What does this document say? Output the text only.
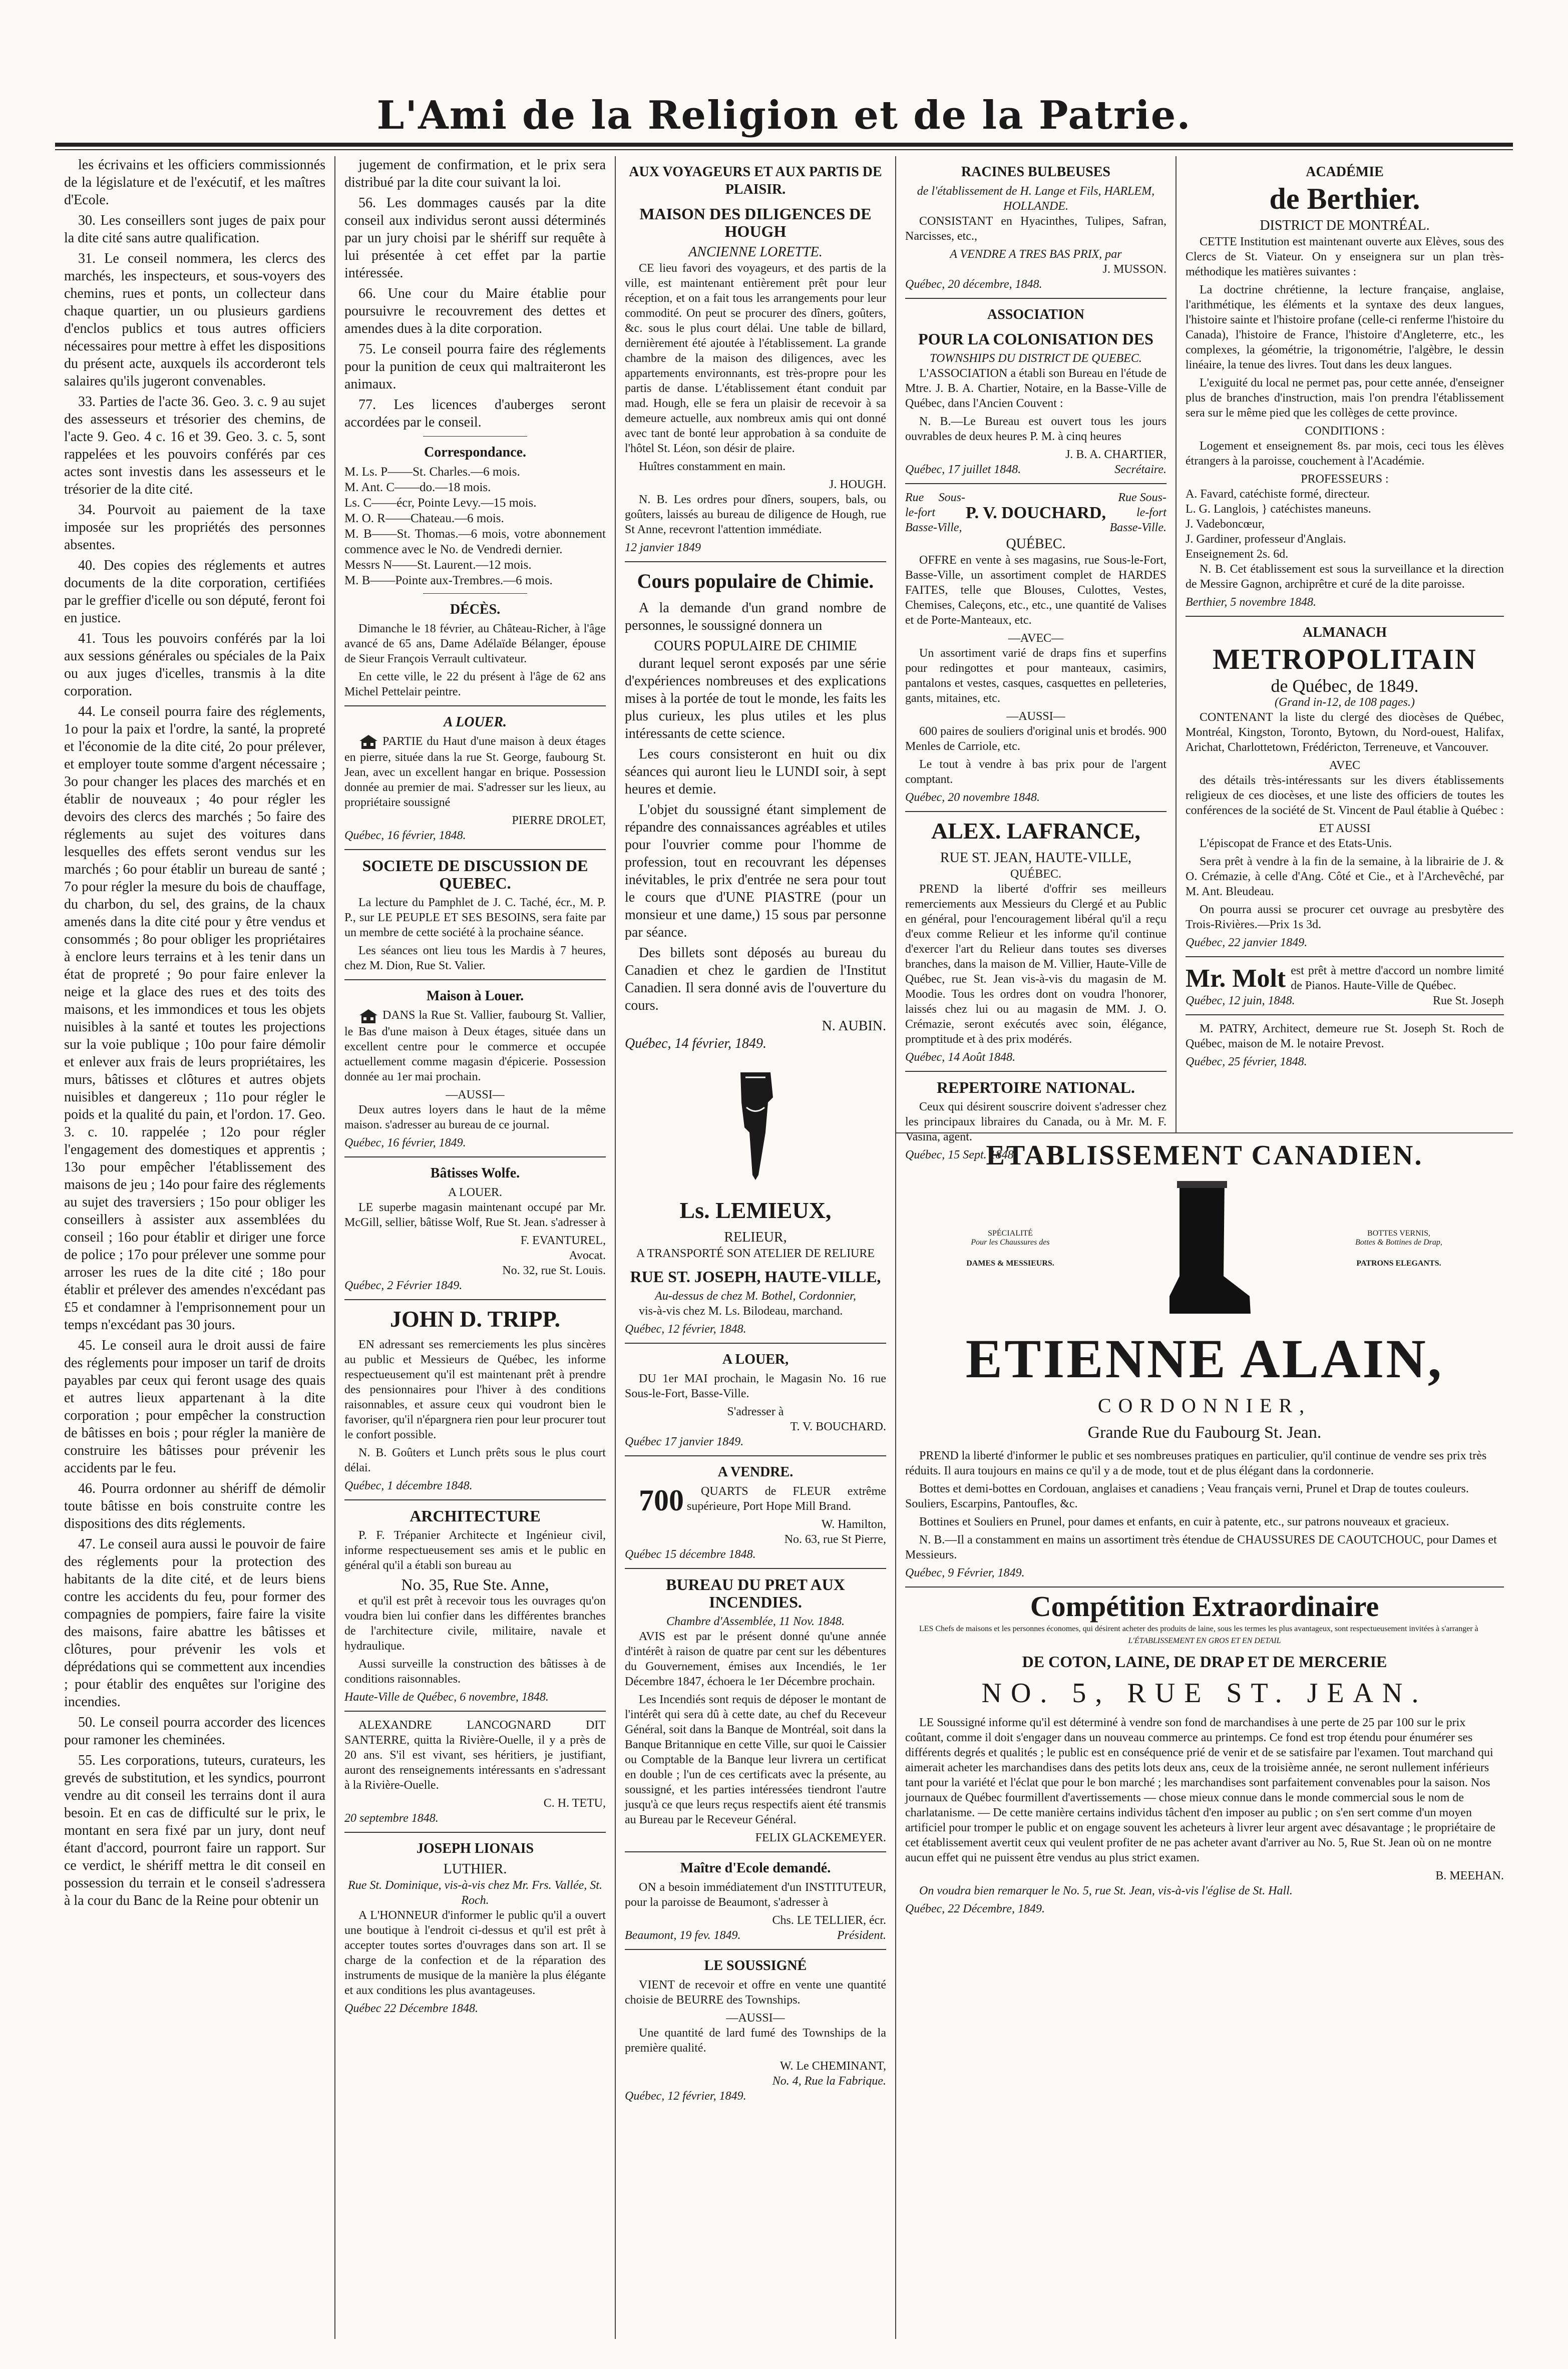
L'Ami de la Religion et de la Patrie.

les écrivains et les officiers commissionnés de la législature et de l'exécutif, et les maîtres d'Ecole.

30. Les conseillers sont juges de paix pour la dite cité sans autre qualification.

31. Le conseil nommera, les clercs des marchés, les inspecteurs, et sous-voyers des chemins, rues et ponts, un collecteur dans chaque quartier, un ou plusieurs gardiens d'enclos publics et tous autres officiers nécessaires pour mettre à effet les dispositions du présent acte, auxquels ils accorderont tels salaires qu'ils jugeront convenables.

33. Parties de l'acte 36. Geo. 3. c. 9 au sujet des assesseurs et trésorier des chemins, de l'acte 9. Geo. 4 c. 16 et 39. Geo. 3. c. 5, sont rappelées et les pouvoirs conférés par ces actes sont investis dans les assesseurs et le trésorier de la dite cité.

34. Pourvoit au paiement de la taxe imposée sur les propriétés des personnes absentes.

40. Des copies des réglements et autres documents de la dite corporation, certifiées par le greffier d'icelle ou son député, feront foi en justice.

41. Tous les pouvoirs conférés par la loi aux sessions générales ou spéciales de la Paix ou aux juges d'icelles, transmis à la dite corporation.

44. Le conseil pourra faire des réglements, 1o pour la paix et l'ordre, la santé, la propreté et l'économie de la dite cité, 2o pour prélever, et employer toute somme d'argent nécessaire ; 3o pour changer les places des marchés et en établir de nouveaux ; 4o pour régler les devoirs des clercs des marchés ; 5o faire des réglements au sujet des voitures dans lesquelles des effets seront vendus sur les marchés ; 6o pour établir un bureau de santé ; 7o pour régler la mesure du bois de chauffage, du charbon, du sel, des grains, de la chaux amenés dans la dite cité pour y être vendus et consommés ; 8o pour obliger les propriétaires à enclore leurs terrains et à les tenir dans un état de propreté ; 9o pour faire enlever la neige et la glace des rues et des toits des maisons, et les immondices et tous les objets nuisibles à la santé et toutes les projections sur la voie publique ; 10o pour faire démolir et enlever aux frais de leurs propriétaires, les murs, bâtisses et clôtures et autres objets nuisibles et dangereux ; 11o pour régler le poids et la qualité du pain, et l'ordon. 17. Geo. 3. c. 10. rappelée ; 12o pour régler l'engagement des domestiques et apprentis ; 13o pour empêcher l'établissement des maisons de jeu ; 14o pour faire des réglements au sujet des traversiers ; 15o pour obliger les conseillers à assister aux assemblées du conseil ; 16o pour établir et diriger une force de police ; 17o pour prélever une somme pour arroser les rues de la dite cité ; 18o pour établir et prélever des amendes n'excédant pas £5 et condamner à l'emprisonnement pour un temps n'excédant pas 30 jours.

45. Le conseil aura le droit aussi de faire des réglements pour imposer un tarif de droits payables par ceux qui feront usage des quais et autres lieux appartenant à la dite corporation ; pour empêcher la construction de bâtisses en bois ; pour régler la manière de construire les bâtisses pour prévenir les accidents par le feu.

46. Pourra ordonner au shériff de démolir toute bâtisse en bois construite contre les dispositions des dits réglements.

47. Le conseil aura aussi le pouvoir de faire des réglements pour la protection des habitants de la dite cité, et de leurs biens contre les accidents du feu, pour former des compagnies de pompiers, faire faire la visite des maisons, faire abattre les bâtisses et clôtures, pour prévenir les vols et déprédations qui se commettent aux incendies ; pour établir des enquêtes sur l'origine des incendies.

50. Le conseil pourra accorder des licences pour ramoner les cheminées.

55. Les corporations, tuteurs, curateurs, les grevés de substitution, et les syndics, pourront vendre au dit conseil les terrains dont il aura besoin. Et en cas de difficulté sur le prix, le montant en sera fixé par un jury, dont neuf étant d'accord, pourront faire un rapport. Sur ce verdict, le shériff mettra le dit conseil en possession du terrain et le conseil s'adressera à la cour du Banc de la Reine pour obtenir un

jugement de confirmation, et le prix sera distribué par la dite cour suivant la loi.

56. Les dommages causés par la dite conseil aux individus seront aussi déterminés par un jury choisi par le shériff sur requête à lui présentée à cet effet par la partie intéressée.

66. Une cour du Maire établie pour poursuivre le recouvrement des dettes et amendes dues à la dite corporation.

75. Le conseil pourra faire des réglements pour la punition de ceux qui maltraiteront les animaux.

77. Les licences d'auberges seront accordées par le conseil.

Correspondance.
M. Ls. P——St. Charles.—6 mois.
M. Ant. C——do.—18 mois.
Ls. C——écr, Pointe Levy.—15 mois.
M. O. R——Chateau.—6 mois.
M. B——St. Thomas.—6 mois, votre abonnement commence avec le No. de Vendredi dernier.
Messrs N——St. Laurent.—12 mois.
M. B——Pointe aux-Trembres.—6 mois.
DÉCÈS.

Dimanche le 18 février, au Château-Richer, à l'âge avancé de 65 ans, Dame Adélaïde Bélanger, épouse de Sieur François Verrault cultivateur.

En cette ville, le 22 du présent à l'âge de 62 ans Michel Pettelair peintre.

A LOUER.

PARTIE du Haut d'une maison à deux étages en pierre, située dans la rue St. George, faubourg St. Jean, avec un excellent hangar en brique. Possession donnée au premier de mai. S'adresser sur les lieux, au propriétaire soussigné

PIERRE DROLET,
Québec, 16 février, 1848.
SOCIETE DE DISCUSSION DE QUEBEC.

La lecture du Pamphlet de J. C. Taché, écr., M. P. P., sur LE PEUPLE ET SES BESOINS, sera faite par un membre de cette société à la prochaine séance.

Les séances ont lieu tous les Mardis à 7 heures, chez M. Dion, Rue St. Valier.

Maison à Louer.

DANS la Rue St. Vallier, faubourg St. Vallier, le Bas d'une maison à Deux étages, située dans un excellent centre pour le commerce et occupée actuellement comme magasin d'épicerie. Possession donnée au 1er mai prochain.

—AUSSI—

Deux autres loyers dans le haut de la même maison. s'adresser au bureau de ce journal.

Québec, 16 février, 1849.
Bâtisses Wolfe.
A LOUER.

LE superbe magasin maintenant occupé par Mr. McGill, sellier, bâtisse Wolf, Rue St. Jean. s'adresser à

F. EVANTUREL,
Avocat.
No. 32, rue St. Louis.
Québec, 2 Février 1849.
JOHN D. TRIPP.

EN adressant ses remerciements les plus sincères au public et Messieurs de Québec, les informe respectueusement qu'il est maintenant prêt à prendre des pensionnaires pour l'hiver à des conditions raisonnables, et assure ceux qui voudront bien le favoriser, qu'il n'épargnera rien pour leur procurer tout le confort possible.

N. B. Goûters et Lunch prêts sous le plus court délai.

Québec, 1 décembre 1848.
ARCHITECTURE

P. F. Trépanier Architecte et Ingénieur civil, informe respectueusement ses amis et le public en général qu'il a établi son bureau au

No. 35, Rue Ste. Anne,

et qu'il est prêt à recevoir tous les ouvrages qu'on voudra bien lui confier dans les différentes branches de l'architecture civile, militaire, navale et hydraulique.

Aussi surveille la construction des bâtisses à de conditions raisonnables.

Haute-Ville de Québec, 6 novembre, 1848.

ALEXANDRE LANCOGNARD DIT SANTERRE, quitta la Rivière-Ouelle, il y a près de 20 ans. S'il est vivant, ses héritiers, je justifiant, auront des renseignements intéressants en s'adressant à la Rivière-Ouelle.

C. H. TETU,
20 septembre 1848.
JOSEPH LIONAIS
LUTHIER.
Rue St. Dominique, vis-à-vis chez Mr. Frs. Vallée, St. Roch.

A L'HONNEUR d'informer le public qu'il a ouvert une boutique à l'endroit ci-dessus et qu'il est prêt à accepter toutes sortes d'ouvrages dans son art. Il se charge de la confection et de la réparation des instruments de musique de la manière la plus élégante et aux conditions les plus avantageuses.

Québec 22 Décembre 1848.
AUX VOYAGEURS ET AUX PARTIS DE PLAISIR.
MAISON DES DILIGENCES DE HOUGH
ANCIENNE LORETTE.

CE lieu favori des voyageurs, et des partis de la ville, est maintenant entièrement prêt pour leur réception, et on a fait tous les arrangements pour leur commodité. On peut se procurer des dîners, goûters, &c. sous le plus court délai. Une table de billard, dernièrement été ajoutée à l'établissement. La grande chambre de la maison des diligences, avec les appartements environnants, est très-propre pour les partis de danse. L'établissement étant conduit par mad. Hough, elle se fera un plaisir de recevoir à sa demeure actuelle, aux nombreux amis qui ont donné avec tant de bonté leur approbation à sa conduite de l'hôtel St. Léon, son désir de plaire.

Huîtres constamment en main.

J. HOUGH.

N. B. Les ordres pour dîners, soupers, bals, ou goûters, laissés au bureau de diligence de Hough, rue St Anne, recevront l'attention immédiate.

12 janvier 1849
Cours populaire de Chimie.

A la demande d'un grand nombre de personnes, le soussigné donnera un

COURS POPULAIRE DE CHIMIE

durant lequel seront exposés par une série d'expériences nombreuses et des explications mises à la portée de tout le monde, les faits les plus curieux, les plus utiles et les plus intéressants de cette science.

Les cours consisteront en huit ou dix séances qui auront lieu le LUNDI soir, à sept heures et demie.

L'objet du soussigné étant simplement de répandre des connaissances agréables et utiles pour l'ouvrier comme pour l'homme de profession, tout en recouvrant les dépenses inévitables, le prix d'entrée ne sera pour tout le cours que d'UNE PIASTRE (pour un monsieur et une dame,) 15 sous par personne par séance.

Des billets sont déposés au bureau du Canadien et chez le gardien de l'Institut Canadien. Il sera donné avis de l'ouverture du cours.

N. AUBIN.
Québec, 14 février, 1849.
Ls. LEMIEUX,
RELIEUR,
A TRANSPORTÉ SON ATELIER DE RELIURE
RUE ST. JOSEPH, HAUTE-VILLE,
Au-dessus de chez M. Bothel, Cordonnier,

vis-à-vis chez M. Ls. Bilodeau, marchand.

Québec, 12 février, 1848.
A LOUER,

DU 1er MAI prochain, le Magasin No. 16 rue Sous-le-Fort, Basse-Ville.

S'adresser à
T. V. BOUCHARD.
Québec 17 janvier 1849.
A VENDRE.

700 QUARTS de FLEUR extrême supérieure, Port Hope Mill Brand.

W. Hamilton,
No. 63, rue St Pierre,
Québec 15 décembre 1848.
BUREAU DU PRET AUX INCENDIES.
Chambre d'Assemblée, 11 Nov. 1848.

AVIS est par le présent donné qu'une année d'intérêt à raison de quatre par cent sur les débentures du Gouvernement, émises aux Incendiés, le 1er Décembre 1847, échoera le 1er Décembre prochain.

Les Incendiés sont requis de déposer le montant de l'intérêt qui sera dû à cette date, au chef du Receveur Général, soit dans la Banque de Montréal, soit dans la Banque Britannique en cette Ville, sur quoi le Caissier ou Comptable de la Banque leur livrera un certificat en double ; l'un de ces certificats avec la présente, au soussigné, et les parties intéressées tiendront l'autre jusqu'à ce que leurs reçus respectifs aient été transmis au Bureau par le Receveur Général.

FELIX GLACKEMEYER.
Maître d'Ecole demandé.

ON a besoin immédiatement d'un INSTITUTEUR, pour la paroisse de Beaumont, s'adresser à

Chs. LE TELLIER, écr.
Beaumont, 19 fev. 1849.	Président.
LE SOUSSIGNÉ

VIENT de recevoir et offre en vente une quantité choisie de BEURRE des Townships.

—AUSSI—

Une quantité de lard fumé des Townships de la première qualité.

W. Le CHEMINANT,
No. 4, Rue la Fabrique.
Québec, 12 février, 1849.
RACINES BULBEUSES
de l'établissement de H. Lange et Fils, HARLEM, HOLLANDE.

CONSISTANT en Hyacinthes, Tulipes, Safran, Narcisses, etc.,

A VENDRE A TRES BAS PRIX, par
J. MUSSON.
Québec, 20 décembre, 1848.
ASSOCIATION
POUR LA COLONISATION DES
TOWNSHIPS DU DISTRICT DE QUEBEC.

L'ASSOCIATION a établi son Bureau en l'étude de Mtre. J. B. A. Chartier, Notaire, en la Basse-Ville de Québec, dans l'Ancien Couvent :

N. B.—Le Bureau est ouvert tous les jours ouvrables de deux heures P. M. à cinq heures

J. B. A. CHARTIER,
Québec, 17 juillet 1848.	Secrétaire.
Rue Sous-le-fort Basse-Ville,
P. V. DOUCHARD,
Rue Sous-le-fort Basse-Ville.
QUÉBEC.

OFFRE en vente à ses magasins, rue Sous-le-Fort, Basse-Ville, un assortiment complet de HARDES FAITES, telle que Blouses, Culottes, Vestes, Chemises, Caleçons, etc., etc., une quantité de Valises et de Porte-Manteaux, etc.

—AVEC—

Un assortiment varié de draps fins et superfins pour redingottes et pour manteaux, casimirs, pantalons et vestes, casques, casquettes en pelleteries, gants, mitaines, etc.

—AUSSI—

600 paires de souliers d'original unis et brodés. 900 Menles de Carriole, etc.

Le tout à vendre à bas prix pour de l'argent comptant.

Québec, 20 novembre 1848.
ALEX. LAFRANCE,
RUE ST. JEAN, HAUTE-VILLE,
QUÉBEC.

PREND la liberté d'offrir ses meilleurs remerciements aux Messieurs du Clergé et au Public en général, pour l'encouragement libéral qu'il a reçu d'eux comme Relieur et les informe qu'il continue d'exercer l'art du Relieur dans toutes ses diverses branches, dans la maison de M. Villier, Haute-Ville de Québec, rue St. Jean vis-à-vis du magasin de M. Moodie. Tous les ordres dont on voudra l'honorer, laissés chez lui ou au magasin de MM. J. O. Crémazie, seront exécutés avec soin, élégance, promptitude et à des prix modérés.

Québec, 14 Août 1848.
REPERTOIRE NATIONAL.

Ceux qui désirent souscrire doivent s'adresser chez les principaux libraires du Canada, ou à Mr. M. F. Vasina, agent.

Québec, 15 Sept. 1848.
ACADÉMIE
de Berthier.
DISTRICT DE MONTRÉAL.

CETTE Institution est maintenant ouverte aux Elèves, sous des Clercs de St. Viateur. On y enseignera sur un plan très-méthodique les matières suivantes :

La doctrine chrétienne, la lecture française, anglaise, l'arithmétique, les éléments et la syntaxe des deux langues, l'histoire sainte et l'histoire profane (celle-ci renferme l'histoire du Canada), l'histoire de France, l'histoire d'Angleterre, etc., les complexes, la géométrie, la trigonométrie, l'algèbre, le dessin linéaire, la tenue des livres. Tout dans les deux langues.

L'exiguité du local ne permet pas, pour cette année, d'enseigner plus de branches d'instruction, mais l'on prendra l'établissement sera sur le même pied que les collèges de cette province.

CONDITIONS :

Logement et enseignement 8s. par mois, ceci tous les élèves étrangers à la paroisse, couchement à l'Académie.

PROFESSEURS :
A. Favard, catéchiste formé, directeur.
L. G. Langlois, } catéchistes maneuns.
J. Vadeboncœur,
J. Gardiner, professeur d'Anglais.
Enseignement 2s. 6d.

N. B. Cet établissement est sous la surveillance et la direction de Messire Gagnon, archiprêtre et curé de la dite paroisse.

Berthier, 5 novembre 1848.
ALMANACH
METROPOLITAIN
de Québec, de 1849.
(Grand in-12, de 108 pages.)

CONTENANT la liste du clergé des diocèses de Québec, Montréal, Kingston, Toronto, Bytown, du Nord-ouest, Halifax, Arichat, Charlottetown, Frédéricton, Terreneuve, et Vancouver.

AVEC

des détails très-intéressants sur les divers établissements religieux de ces diocèses, et une liste des officiers de toutes les conférences de la société de St. Vincent de Paul établie à Québec :

ET AUSSI

L'épiscopat de France et des Etats-Unis.

Sera prêt à vendre à la fin de la semaine, à la librairie de J. & O. Crémazie, à celle d'Ang. Côté et Cie., et à l'Archevêché, par M. Ant. Bleudeau.

On pourra aussi se procurer cet ouvrage au presbytère des Trois-Rivières.—Prix 1s 3d.

Québec, 22 janvier 1849.
Mr. Molt est prêt à mettre d'accord un nombre limité de Pianos. Haute-Ville de Québec.
Québec, 12 juin, 1848.	Rue St. Joseph

M. PATRY, Architect, demeure rue St. Joseph St. Roch de Québec, maison de M. le notaire Prevost.

Québec, 25 février, 1848.
ETABLISSEMENT CANADIEN.
SPÉCIALITÉ
Pour les Chaussures des
DAMES & MESSIEURS.
BOTTES VERNIS,
Bottes & Bottines de Drap,
PATRONS ELEGANTS.
ETIENNE ALAIN,
CORDONNIER,
Grande Rue du Faubourg St. Jean.

PREND la liberté d'informer le public et ses nombreuses pratiques en particulier, qu'il continue de vendre ses prix très réduits. Il aura toujours en mains ce qu'il y a de mode, tout et de plus élégant dans la cordonnerie.

Bottes et demi-bottes en Cordouan, anglaises et canadiens ; Veau français verni, Prunel et Drap de toutes couleurs. Souliers, Escarpins, Pantoufles, &c.

Bottines et Souliers en Prunel, pour dames et enfants, en cuir à patente, etc., sur patrons nouveaux et gracieux.

N. B.—Il a constamment en mains un assortiment très étendue de CHAUSSURES DE CAOUTCHOUC, pour Dames et Messieurs.

Québec, 9 Février, 1849.
Compétition Extraordinaire

LES Chefs de maisons et les personnes économes, qui désirent acheter des produits de laine, sous les termes les plus avantageux, sont respectueusement invitées à s'arranger à

L'ÉTABLISSEMENT EN GROS ET EN DETAIL
DE COTON, LAINE, DE DRAP ET DE MERCERIE
NO. 5, RUE ST. JEAN.

LE Soussigné informe qu'il est déterminé à vendre son fond de marchandises à une perte de 25 par 100 sur le prix coûtant, comme il doit s'engager dans un nouveau commerce au printemps. Ce fond est trop étendu pour énumérer ses différents degrés et qualités ; le public est en conséquence prié de venir et de se satisfaire par l'examen. Tout marchand qui aimerait acheter les marchandises dans des petits lots deux ans, ceux de la troisième année, ne seront nullement inférieurs tant pour la variété et l'éclat que pour le bon marché ; les marchandises sont parfaitement convenables pour la saison. Nos journaux de Québec fourmillent d'avertissements — chose mieux connue dans le monde commercial sous le nom de charlatanisme. — De cette manière certains individus tâchent d'en imposer au public ; on s'en sert comme d'un moyen artificiel pour tromper le public et on engage souvent les acheteurs à livrer leur argent avec désavantage ; le propriétaire de cet établissement avertit ceux qui veulent profiter de ne pas acheter avant d'arriver au No. 5, Rue St. Jean où on ne montre aucun effet qui ne puissent être vendus au plus strict examen.

B. MEEHAN.

On voudra bien remarquer le No. 5, rue St. Jean, vis-à-vis l'église de St. Hall.

Québec, 22 Décembre, 1849.
